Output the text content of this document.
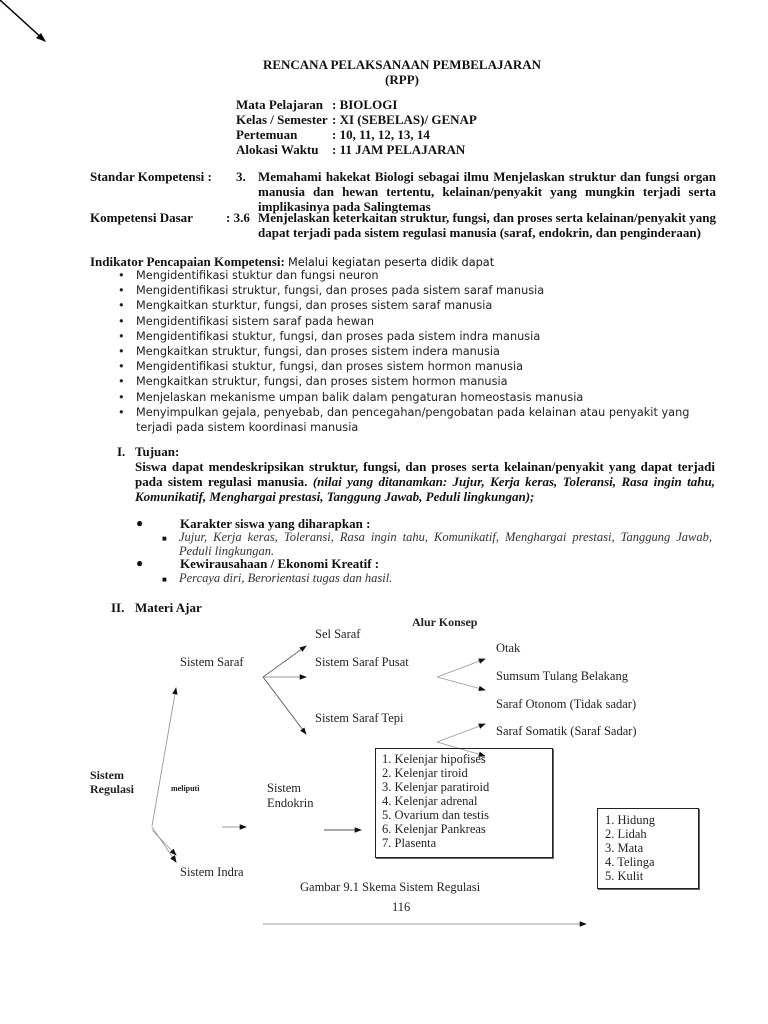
RENCANA PELAKSANAAN PEMBELAJARAN
(RPP)
Mata Pelajaran : BIOLOGI
Kelas / Semester : XI (SEBELAS)/ GENAP
Pertemuan	: 10, 11, 12, 13, 14
Alokasi Waktu : 11 JAM PELAJARAN
Standar Kompetensi : 3. Memahami hakekat Biologi sebagai ilmu Menjelaskan struktur dan fungsi organ manusia dan hewan tertentu, kelainan/penyakit yang mungkin terjadi serta implikasinya pada Salingtemas
Kompetensi Dasar	: 3.6 Menjelaskan keterkaitan struktur, fungsi, dan proses serta kelainan/penyakit yang dapat terjadi pada sistem regulasi manusia (saraf, endokrin, dan penginderaan)
Indikator Pencapaian Kompetensi: Melalui kegiatan peserta didik dapat
• Mengidentifikasi stuktur dan fungsi neuron
• Mengidentifikasi struktur, fungsi, dan proses pada sistem saraf manusia
• Mengkaitkan sturktur, fungsi, dan proses sistem saraf manusia
• Mengidentifikasi sistem saraf pada hewan
• Mengidentifikasi stuktur, fungsi, dan proses pada sistem indra manusia
• Mengkaitkan struktur, fungsi, dan proses sistem indera manusia
• Mengidentifikasi stuktur, fungsi, dan proses sistem hormon manusia
• Mengkaitkan struktur, fungsi, dan proses sistem hormon manusia
• Menjelaskan mekanisme umpan balik dalam pengaturan homeostasis manusia
• Menyimpulkan gejala, penyebab, dan pencegahan/pengobatan pada kelainan atau penyakit yang terjadi pada sistem koordinasi manusia
I. Tujuan:
Siswa dapat mendeskripsikan struktur, fungsi, dan proses serta kelainan/penyakit yang dapat terjadi pada sistem regulasi manusia. (nilai yang ditanamkan: Jujur, Kerja keras, Toleransi, Rasa ingin tahu, Komunikatif, Menghargai prestasi, Tanggung Jawab, Peduli lingkungan);
●	Karakter siswa yang diharapkan :
■ Jujur, Kerja keras, Toleransi, Rasa ingin tahu, Komunikatif, Menghargai prestasi, Tanggung Jawab, Peduli lingkungan.
●	Kewirausahaan / Ekonomi Kreatif :
■ Percaya diri, Berorientasi tugas dan hasil.
II. Materi Ajar
Alur Konsep
Sistem
Regulasi	meliputi
Sistem Saraf
Sel Saraf
Sistem Saraf Pusat
Otak
Sumsum Tulang Belakang
Sistem Saraf Tepi
Saraf Otonom (Tidak sadar)
Saraf Somatik (Saraf Sadar)
Sistem
Endokrin
1. Kelenjar hipofises
2. Kelenjar tiroid
3. Kelenjar paratiroid
4. Kelenjar adrenal
5. Ovarium dan testis
6. Kelenjar Pankreas
7. Plasenta
Sistem Indra
1. Hidung
2. Lidah
3. Mata
4. Telinga
5. Kulit
Gambar 9.1 Skema Sistem Regulasi
116
